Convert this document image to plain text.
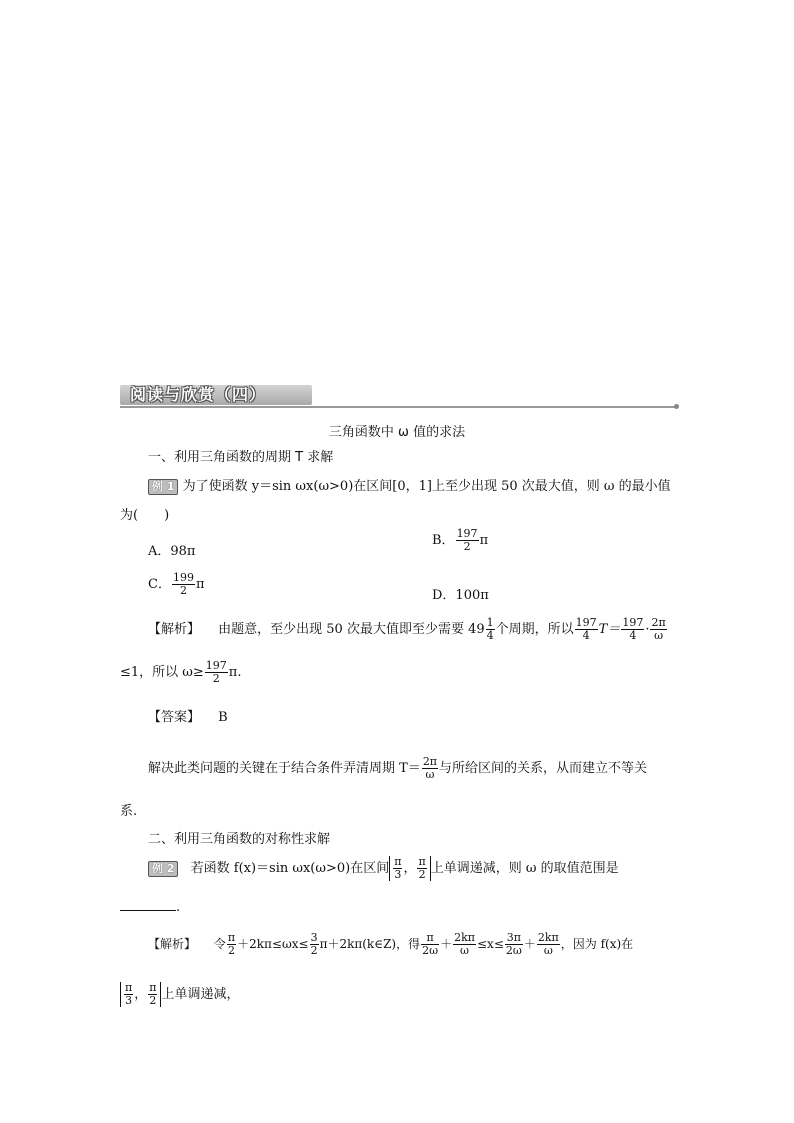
阅读与欣赏（四）
三角函数中 ω 值的求法
一、利用三角函数的周期 T 求解
例 1 为了使函数 y＝sin ωx(ω>0)在区间[0，1]上至少出现 50 次最大值，则 ω 的最小值
为(　　)
A．98π
B． $\frac{197}{2}$ π
C． $\frac{199}{2}$ π
D．100π
【解析】 由题意，至少出现 50 次最大值即至少需要 $49 \frac{1}{4}$ 个周期，所以 $\frac{197}{4} T= \frac{197}{4} \cdot \frac{2\pi}{\omega}$
≤1，所以 $\omega\ge \frac{197}{2} \pi$.
【答案】 B
解决此类问题的关键在于结合条件弄清周期 $T= \frac{2\pi}{\omega}$ 与所给区间的关系，从而建立不等关
系.
二、利用三角函数的对称性求解
例 2 若函数 f(x)＝sin ωx(ω>0)在区间 $\frac{\pi}{3}$ ， $\frac{\pi}{2}$ 上单调递减，则 ω 的取值范围是
.
【解析】 令 $\frac{\pi}{2} +2k\pi\le\omega x\le \frac{3}{2}$ π＋2kπ(k∈Z)，得 $\frac{\pi}{2\omega} + \frac{2k\pi}{\omega} \le x\le \frac{3\pi}{2\omega} + \frac{2k\pi}{\omega}$ ，因为 f(x)在
$\frac{\pi}{3}$ ， $\frac{\pi}{2}$ 上单调递减，
